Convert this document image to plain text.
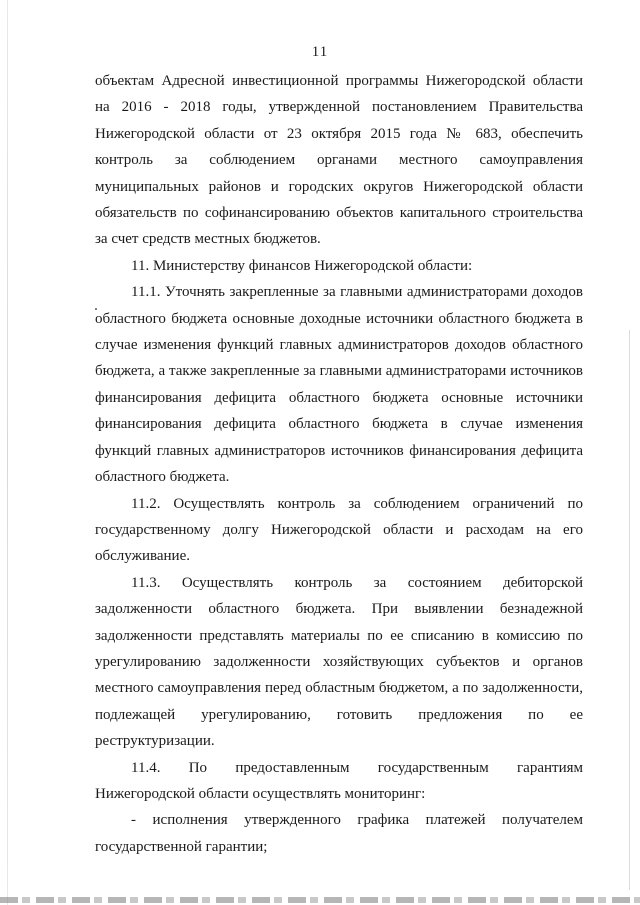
11

объектам Адресной инвестиционной программы Нижегородской области на 2016 - 2018 годы, утвержденной постановлением Правительства Нижегородской области от 23 октября 2015 года № 683, обеспечить контроль за соблюдением органами местного самоуправления муниципальных районов и городских округов Нижегородской области обязательств по софинансированию объектов капитального строительства за счет средств местных бюджетов.

11. Министерству финансов Нижегородской области:

11.1. Уточнять закрепленные за главными администраторами доходов областного бюджета основные доходные источники областного бюджета в случае изменения функций главных администраторов доходов областного бюджета, а также закрепленные за главными администраторами источников финансирования дефицита областного бюджета основные источники финансирования дефицита областного бюджета в случае изменения функций главных администраторов источников финансирования дефицита областного бюджета.

11.2. Осуществлять контроль за соблюдением ограничений по государственному долгу Нижегородской области и расходам на его обслуживание.

11.3. Осуществлять контроль за состоянием дебиторской задолженности областного бюджета. При выявлении безнадежной задолженности представлять материалы по ее списанию в комиссию по урегулированию задолженности хозяйствующих субъектов и органов местного самоуправления перед областным бюджетом, а по задолженности, подлежащей урегулированию, готовить предложения по ее реструктуризации.

11.4. По предоставленным государственным гарантиям Нижегородской области осуществлять мониторинг:

- исполнения утвержденного графика платежей получателем государственной гарантии;
